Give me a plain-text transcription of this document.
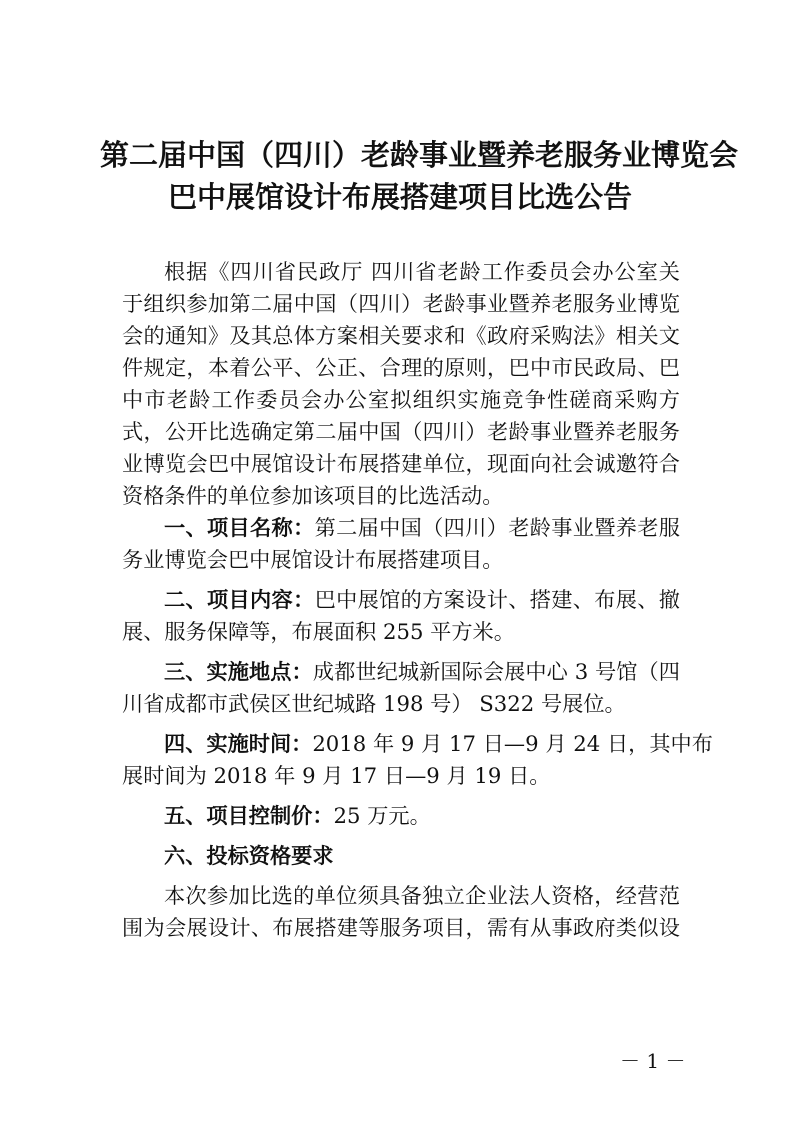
第二届中国（四川）老龄事业暨养老服务业博览会
巴中展馆设计布展搭建项目比选公告
根据《四川省民政厅 四川省老龄工作委员会办公室关
于组织参加第二届中国（四川）老龄事业暨养老服务业博览
会的通知》及其总体方案相关要求和《政府采购法》相关文
件规定，本着公平、公正、合理的原则，巴中市民政局、巴
中市老龄工作委员会办公室拟组织实施竞争性磋商采购方
式，公开比选确定第二届中国（四川）老龄事业暨养老服务
业博览会巴中展馆设计布展搭建单位，现面向社会诚邀符合
资格条件的单位参加该项目的比选活动。
一、项目名称：第二届中国（四川）老龄事业暨养老服
务业博览会巴中展馆设计布展搭建项目。
二、项目内容：巴中展馆的方案设计、搭建、布展、撤
展、服务保障等，布展面积 255 平方米。
三、实施地点：成都世纪城新国际会展中心 3 号馆（四
川省成都市武侯区世纪城路 198 号） S322 号展位。
四、实施时间：2018 年 9 月 17 日—9 月 24 日，其中布
展时间为 2018 年 9 月 17 日—9 月 19 日。
五、项目控制价：25 万元。
六、投标资格要求
本次参加比选的单位须具备独立企业法人资格，经营范
围为会展设计、布展搭建等服务项目，需有从事政府类似设
－ 1 －
